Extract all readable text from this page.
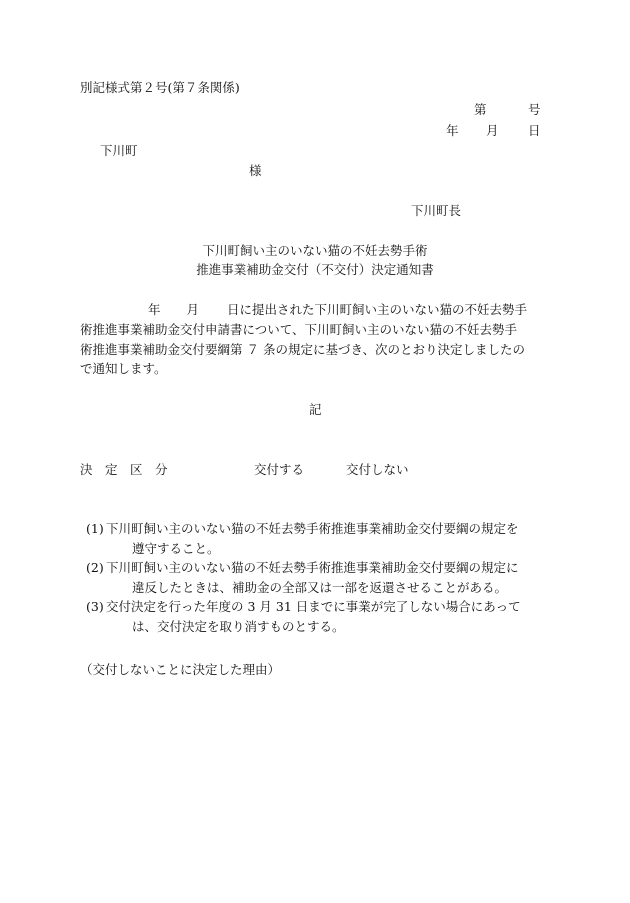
別記様式第２号(第７条関係)
第	号
年 月 日
下川町
様
下川町長
下川町飼い主のいない猫の不妊去勢手術
推進事業補助金交付（不交付）決定通知書
年 月 日に提出された下川町飼い主のいない猫の不妊去勢手
術推進事業補助金交付申請書について、下川町飼い主のいない猫の不妊去勢手
術推進事業補助金交付要綱第 ７ 条の規定に基づき、次のとおり決定しましたの
で通知します。
記
決　定　区　分	交付する	交付しない
(1) 下川町飼い主のいない猫の不妊去勢手術推進事業補助金交付要綱の規定を
遵守すること。
(2) 下川町飼い主のいない猫の不妊去勢手術推進事業補助金交付要綱の規定に
違反したときは、補助金の全部又は一部を返還させることがある。
(3) 交付決定を行った年度の 3 月 31 日までに事業が完了しない場合にあって
は、交付決定を取り消すものとする。
（交付しないことに決定した理由）
